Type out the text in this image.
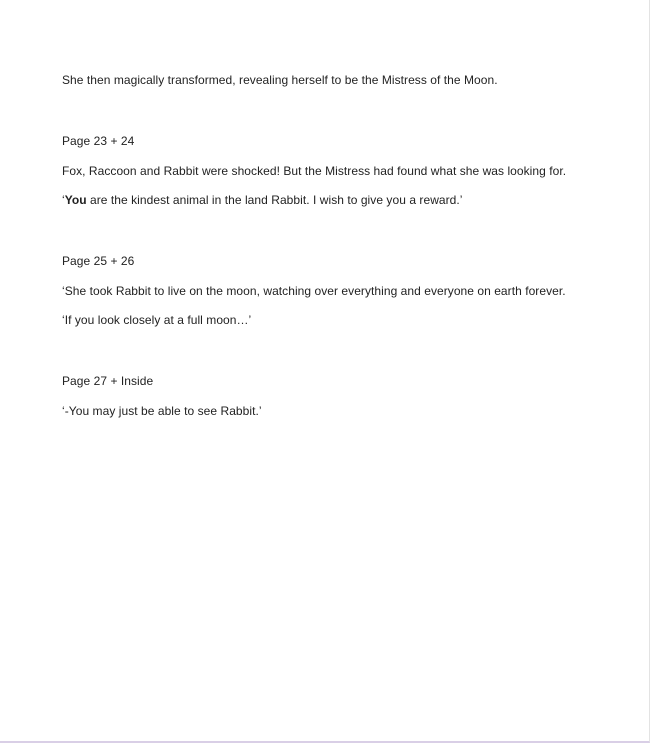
She then magically transformed, revealing herself to be the Mistress of the Moon.

Page 23 + 24

Fox, Raccoon and Rabbit were shocked! But the Mistress had found what she was looking for.

‘You are the kindest animal in the land Rabbit. I wish to give you a reward.’

Page 25 + 26

‘She took Rabbit to live on the moon, watching over everything and everyone on earth forever.

‘If you look closely at a full moon…’

Page 27 + Inside

‘-You may just be able to see Rabbit.’
